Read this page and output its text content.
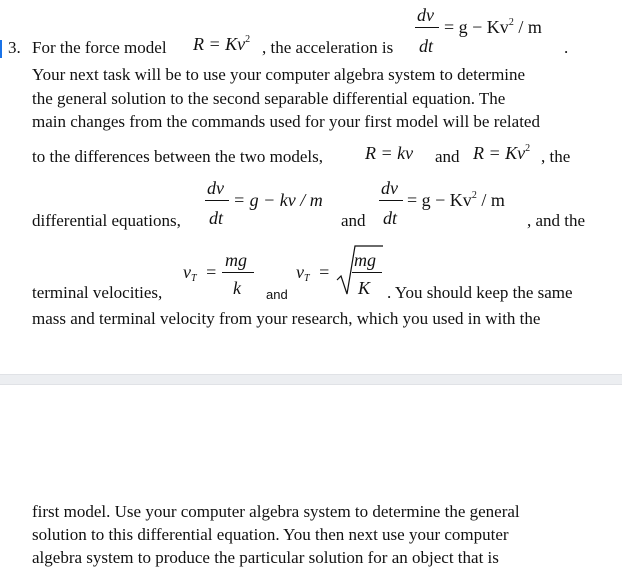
dv
= $g - Kv^2 / m$
3. For the force model $R = Kv^2$ , the acceleration is dt	.
Your next task will be to use your computer algebra system to determine
the general solution to the second separable differential equation. The
main changes from the commands used for your first model will be related
to the differences between the two models, R = kv and $R = Kv^2$ , the
dv
dt
= g − kv / m
dv
dt
= $g - Kv^2 / m$
differential equations,	and	, and the
$v_T$ =
mg
k
$v_T$ =
mg
K
terminal velocities,	and	. You should keep the same
mass and terminal velocity from your research, which you used in with the
first model. Use your computer algebra system to determine the general
solution to this differential equation. You then next use your computer
algebra system to produce the particular solution for an object that is
